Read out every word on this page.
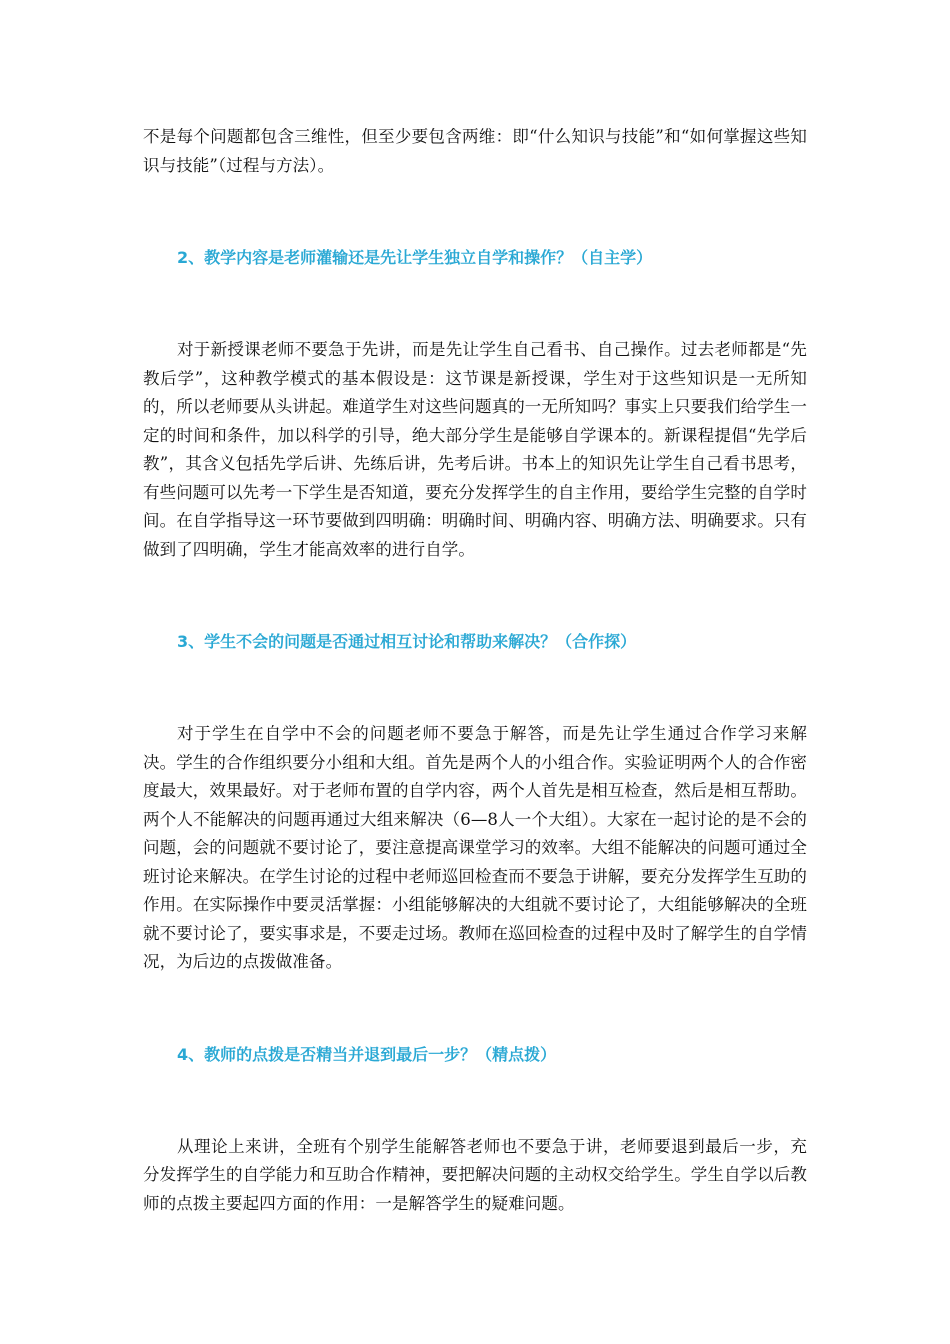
不是每个问题都包含三维性，但至少要包含两维：即“什么知识与技能”和“如何掌握这些知识与技能”（过程与方法）。

2、教学内容是老师灌输还是先让学生独立自学和操作？（自主学）

对于新授课老师不要急于先讲，而是先让学生自己看书、自己操作。过去老师都是“先教后学”，这种教学模式的基本假设是：这节课是新授课，学生对于这些知识是一无所知的，所以老师要从头讲起。难道学生对这些问题真的一无所知吗？事实上只要我们给学生一定的时间和条件，加以科学的引导，绝大部分学生是能够自学课本的。新课程提倡“先学后教”，其含义包括先学后讲、先练后讲，先考后讲。书本上的知识先让学生自己看书思考，有些问题可以先考一下学生是否知道，要充分发挥学生的自主作用，要给学生完整的自学时间。在自学指导这一环节要做到四明确：明确时间、明确内容、明确方法、明确要求。只有做到了四明确，学生才能高效率的进行自学。

3、学生不会的问题是否通过相互讨论和帮助来解决？（合作探）

对于学生在自学中不会的问题老师不要急于解答，而是先让学生通过合作学习来解决。学生的合作组织要分小组和大组。首先是两个人的小组合作。实验证明两个人的合作密度最大，效果最好。对于老师布置的自学内容，两个人首先是相互检查，然后是相互帮助。两个人不能解决的问题再通过大组来解决（6—8人一个大组）。大家在一起讨论的是不会的问题，会的问题就不要讨论了，要注意提高课堂学习的效率。大组不能解决的问题可通过全班讨论来解决。在学生讨论的过程中老师巡回检查而不要急于讲解，要充分发挥学生互助的作用。在实际操作中要灵活掌握：小组能够解决的大组就不要讨论了，大组能够解决的全班就不要讨论了，要实事求是，不要走过场。教师在巡回检查的过程中及时了解学生的自学情况，为后边的点拨做准备。

4、教师的点拨是否精当并退到最后一步？（精点拨）

从理论上来讲，全班有个别学生能解答老师也不要急于讲，老师要退到最后一步，充分发挥学生的自学能力和互助合作精神，要把解决问题的主动权交给学生。学生自学以后教师的点拨主要起四方面的作用：一是解答学生的疑难问题。
